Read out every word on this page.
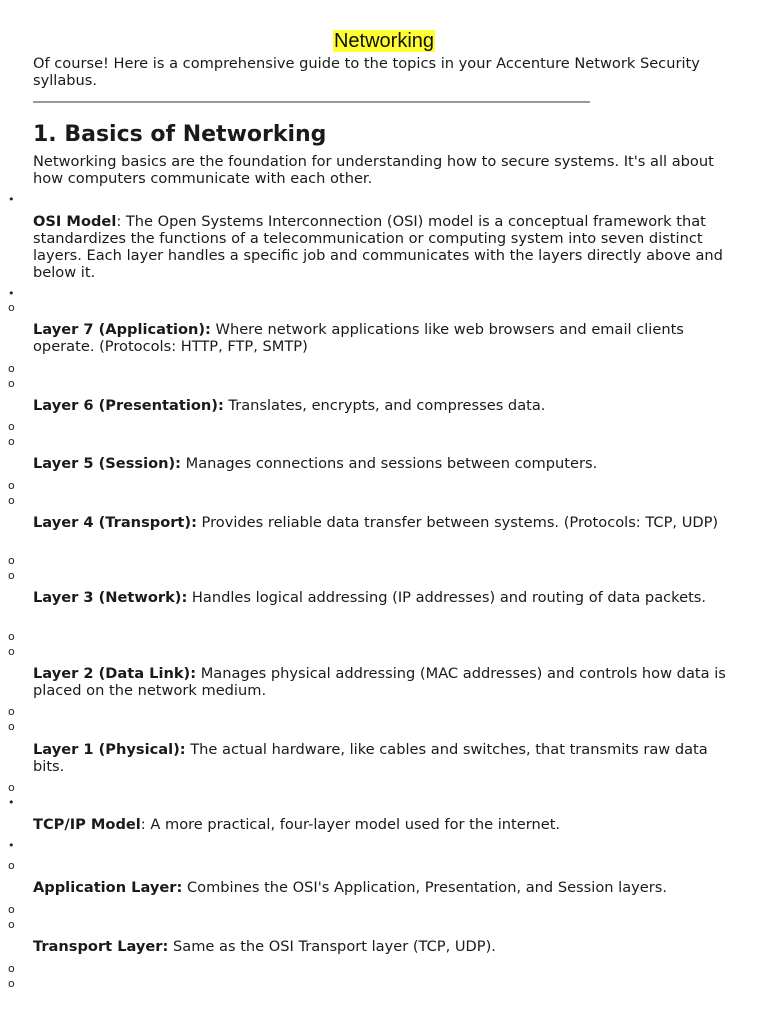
Networking
Of course! Here is a comprehensive guide to the topics in your Accenture Network Security syllabus.
1. Basics of Networking
Networking basics are the foundation for understanding how to secure systems. It's all about how computers communicate with each other.
•
OSI Model: The Open Systems Interconnection (OSI) model is a conceptual framework that standardizes the functions of a telecommunication or computing system into seven distinct layers. Each layer handles a specific job and communicates with the layers directly above and below it.
•
o
Layer 7 (Application): Where network applications like web browsers and email clients operate. (Protocols: HTTP, FTP, SMTP)
o
o
Layer 6 (Presentation): Translates, encrypts, and compresses data.
o
o
Layer 5 (Session): Manages connections and sessions between computers.
o
o
Layer 4 (Transport): Provides reliable data transfer between systems. (Protocols: TCP, UDP)
o
o
Layer 3 (Network): Handles logical addressing (IP addresses) and routing of data packets.
o
o
Layer 2 (Data Link): Manages physical addressing (MAC addresses) and controls how data is placed on the network medium.
o
o
Layer 1 (Physical): The actual hardware, like cables and switches, that transmits raw data bits.
o
•
TCP/IP Model: A more practical, four-layer model used for the internet.
•
o
Application Layer: Combines the OSI's Application, Presentation, and Session layers.
o
o
Transport Layer: Same as the OSI Transport layer (TCP, UDP).
o
o
